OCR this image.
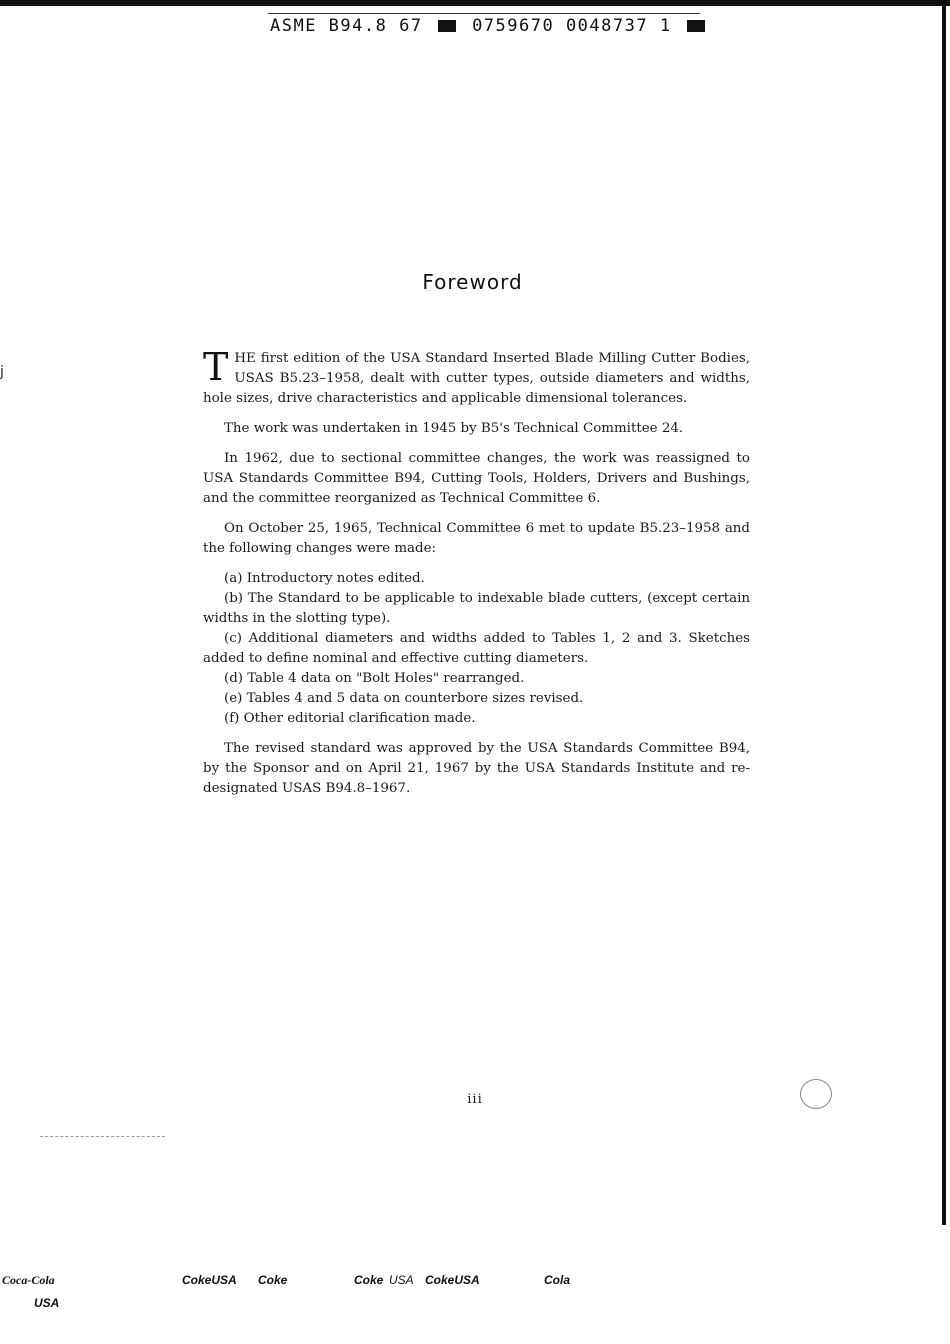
ASME B94.8 67	0759670 0048737 1
Foreword

THE first edition of the USA Standard Inserted Blade Milling Cutter Bodies, USAS B5.23–1958, dealt with cutter types, outside diameters and widths, hole sizes, drive characteristics and applicable dimensional tolerances.

The work was undertaken in 1945 by B5's Technical Committee 24.

In 1962, due to sectional committee changes, the work was reassigned to USA Standards Committee B94, Cutting Tools, Holders, Drivers and Bushings, and the committee reorganized as Technical Committee 6.

On October 25, 1965, Technical Committee 6 met to update B5.23–1958 and the following changes were made:

(a) Introductory notes edited.
(b) The Standard to be applicable to indexable blade cutters, (except certain widths in the slotting type).
(c) Additional diameters and widths added to Tables 1, 2 and 3. Sketches added to define nominal and effective cutting diameters.
(d) Table 4 data on "Bolt Holes" rearranged.
(e) Tables 4 and 5 data on counterbore sizes revised.
(f) Other editorial clarification made.

The revised standard was approved by the USA Standards Committee B94, by the Sponsor and on April 21, 1967 by the USA Standards Institute and re-designated USAS B94.8–1967.

iii
j
Coca-Cola
USA
CokeUSA Coke	Coke USA CokeUSA	Cola
